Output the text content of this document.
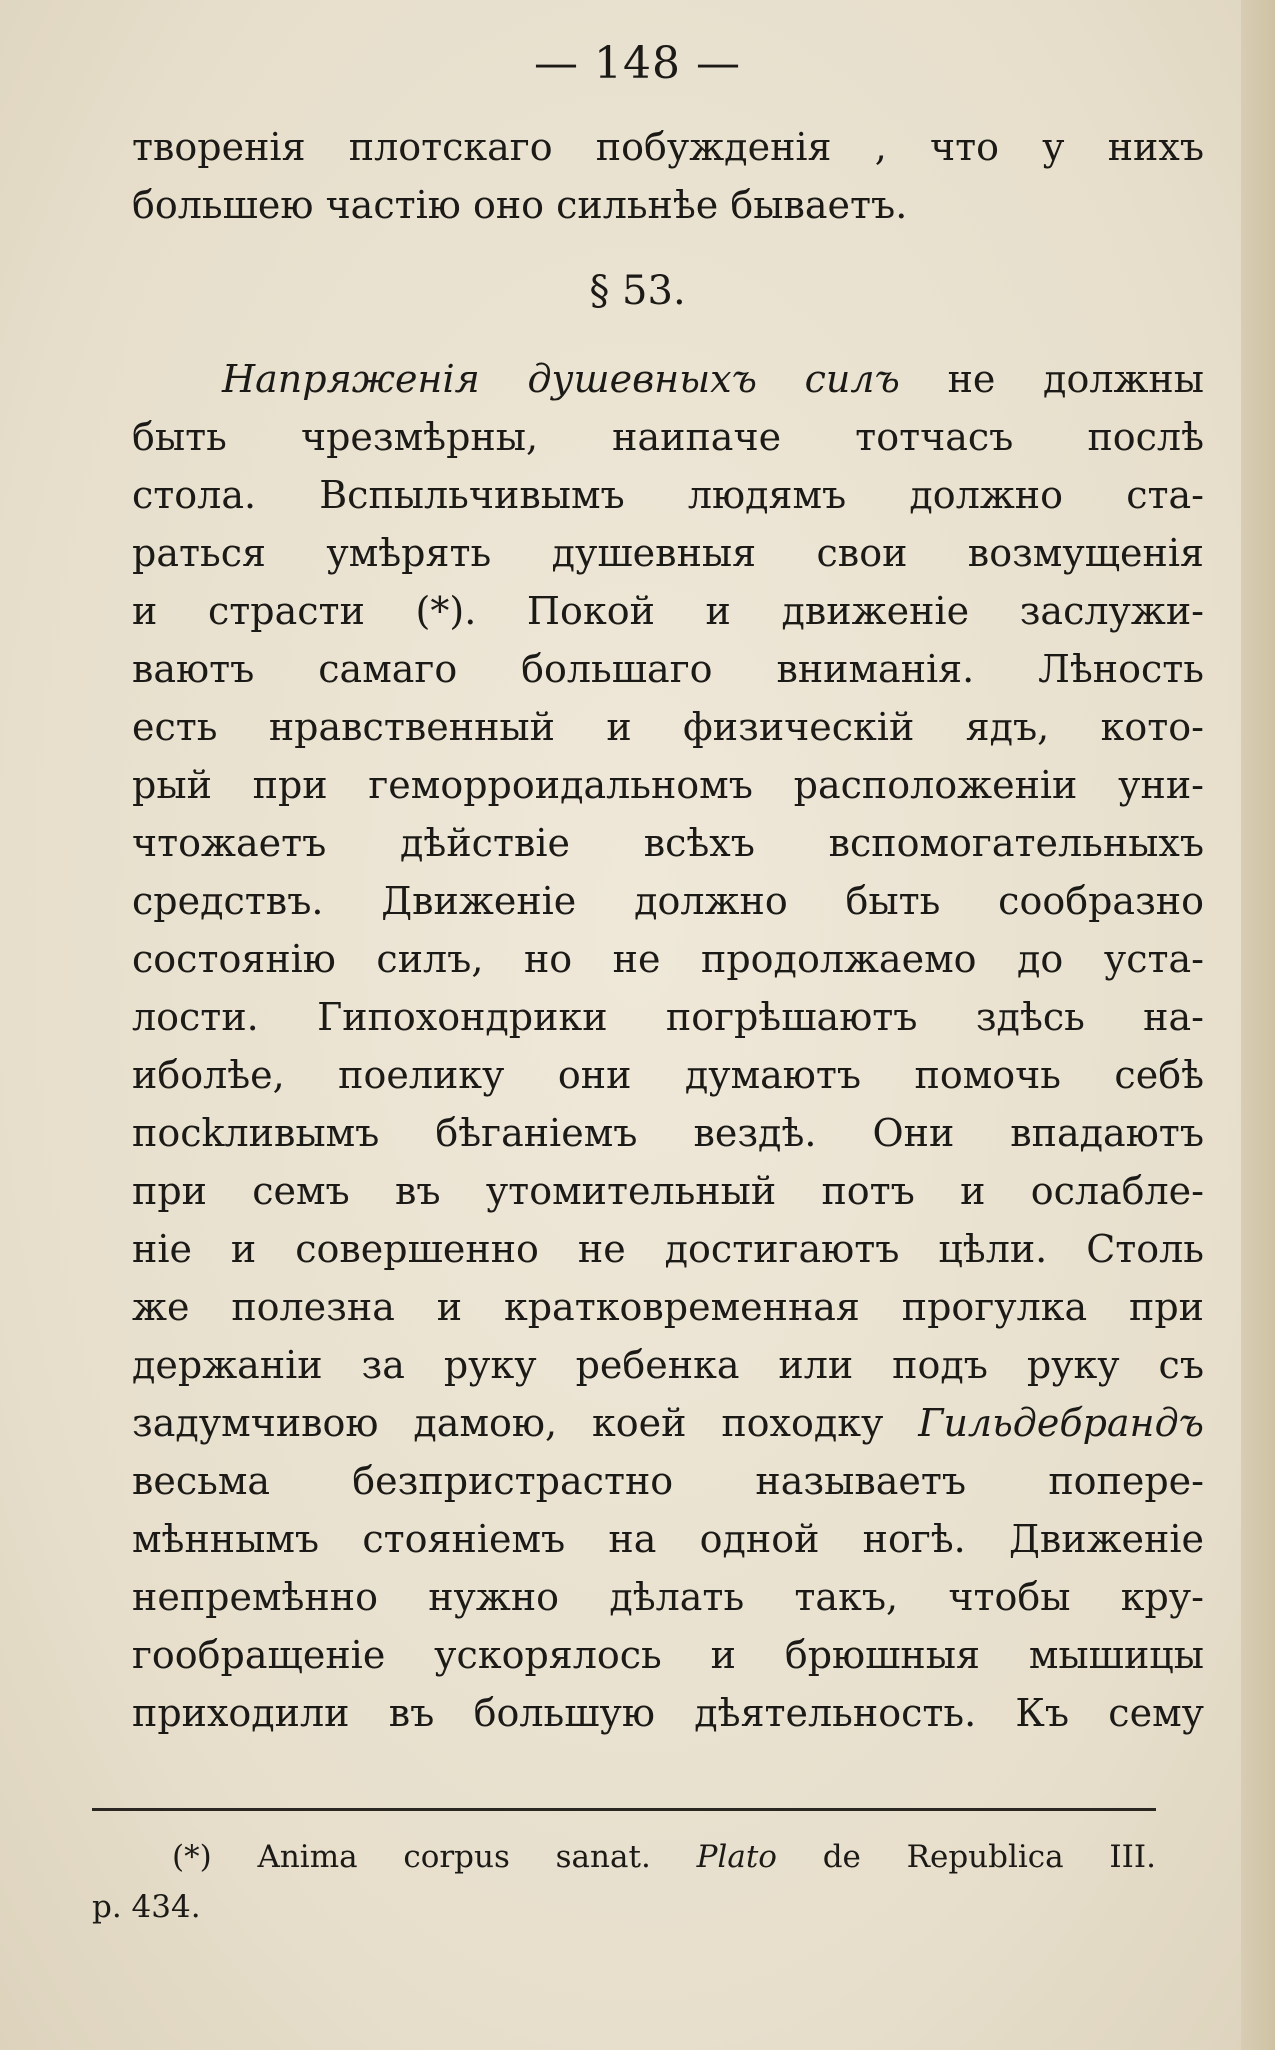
— 148 —
творенія плотскаго побужденія , что у нихъ
большею частію оно сильнѣе бываетъ.
§ 53.
Напряженія душевныхъ силъ не должны
быть чрезмѣрны, наипаче тотчасъ послѣ
стола. Вспыльчивымъ людямъ должно ста-
раться умѣрять душевныя свои возмущенія
и страсти (*). Покой и движеніе заслужи-
ваютъ самаго большаго вниманія. Лѣность
есть нравственный и физическій ядъ, кото-
рый при геморроидальномъ расположеніи уни-
чтожаетъ дѣйствіе всѣхъ вспомогательныхъ
средствъ. Движеніе должно быть сообразно
состоянію силъ, но не продолжаемо до уста-
лости. Гипохондрики погрѣшаютъ здѣсь на-
иболѣе, поелику они думаютъ помочь себѣ
посkливымъ бѣганіемъ вездѣ. Они впадаютъ
при семъ въ утомительный потъ и ослабле-
ніе и совершенно не достигаютъ цѣли. Столь
же полезна и кратковременная прогулка при
держаніи за руку ребенка или подъ руку съ
задумчивою дамою, коей походку Гильдебрандъ
весьма безпристрастно называетъ попере-
мѣннымъ стояніемъ на одной ногѣ. Движеніе
непремѣнно нужно дѣлать такъ, чтобы кру-
гообращеніе ускорялось и брюшныя мышицы
приходили въ большую дѣятельность. Къ сему
(*) Anima corpus sanat. Plato de Republica III.
p. 434.
